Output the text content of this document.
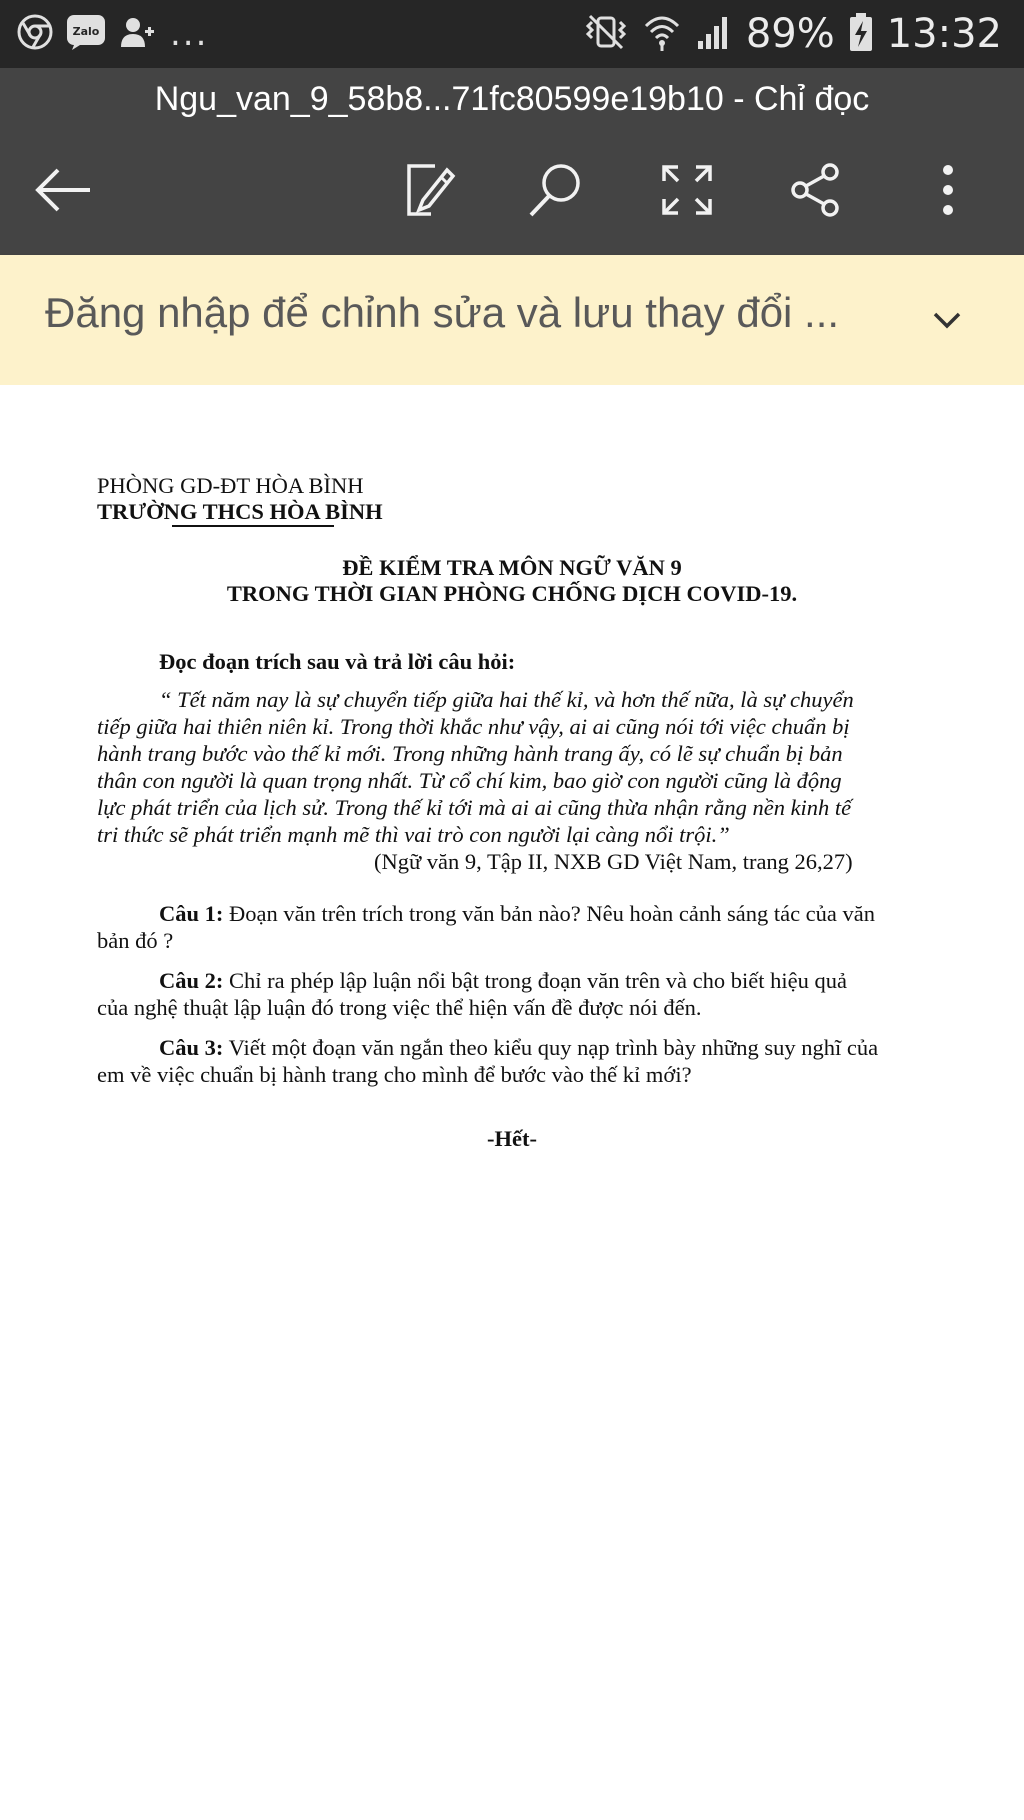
Zalo ...	89% 13:32
Ngu_van_9_58b8...71fc80599e19b10 - Chỉ đọc
Đăng nhập để chỉnh sửa và lưu thay đổi ...
PHÒNG GD-ĐT HÒA BÌNH
TRƯỜNG THCS HÒA BÌNH
ĐỀ KIỂM TRA MÔN NGỮ VĂN 9
TRONG THỜI GIAN PHÒNG CHỐNG DỊCH COVID-19.
Đọc đoạn trích sau và trả lời câu hỏi:
“ Tết năm nay là sự chuyển tiếp giữa hai thế kỉ, và hơn thế nữa, là sự chuyển
tiếp giữa hai thiên niên kỉ. Trong thời khắc như vậy, ai ai cũng nói tới việc chuẩn bị
hành trang bước vào thế kỉ mới. Trong những hành trang ấy, có lẽ sự chuẩn bị bản
thân con người là quan trọng nhất. Từ cổ chí kim, bao giờ con người cũng là động
lực phát triển của lịch sử. Trong thế kỉ tới mà ai ai cũng thừa nhận rằng nền kinh tế
tri thức sẽ phát triển mạnh mẽ thì vai trò con người lại càng nổi trội.”
(Ngữ văn 9, Tập II, NXB GD Việt Nam, trang 26,27)
Câu 1: Đoạn văn trên trích trong văn bản nào? Nêu hoàn cảnh sáng tác của văn
bản đó ?
Câu 2: Chỉ ra phép lập luận nổi bật trong đoạn văn trên và cho biết hiệu quả
của nghệ thuật lập luận đó trong việc thể hiện vấn đề được nói đến.
Câu 3: Viết một đoạn văn ngắn theo kiểu quy nạp trình bày những suy nghĩ của
em về việc chuẩn bị hành trang cho mình để bước vào thế kỉ mới?
-Hết-
